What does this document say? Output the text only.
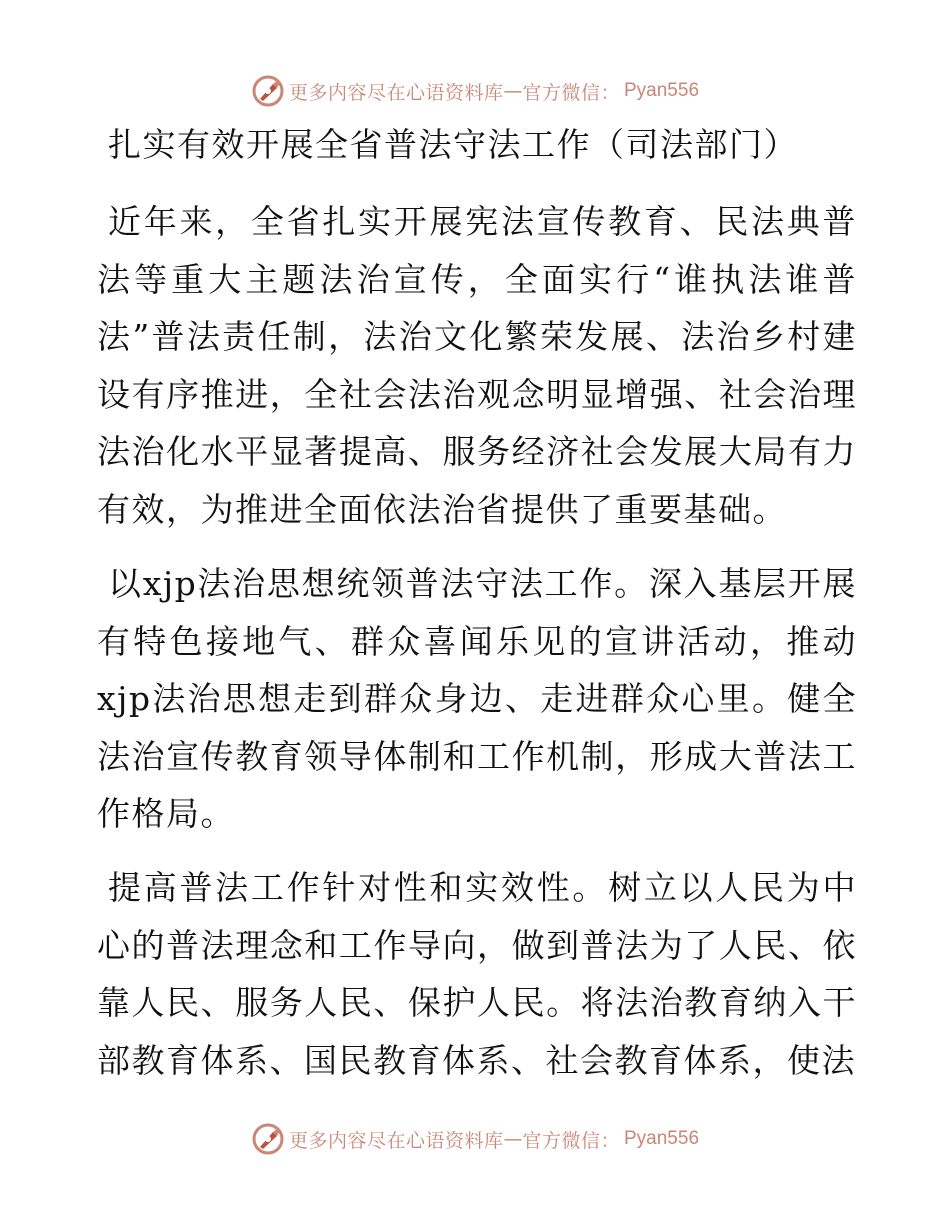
更多内容尽在心语资料库 — 官方微信： Pyan556
扎实有效开展全省普法守法工作（司法部门）

近年来，全省扎实开展宪法宣传教育、民法典普法等重大主题法治宣传，全面实行“谁执法谁普法”普法责任制，法治文化繁荣发展、法治乡村建设有序推进，全社会法治观念明显增强、社会治理法治化水平显著提高、服务经济社会发展大局有力有效，为推进全面依法治省提供了重要基础。

以xjp法治思想统领普法守法工作。深入基层开展有特色接地气、群众喜闻乐见的宣讲活动，推动xjp法治思想走到群众身边、走进群众心里。健全法治宣传教育领导体制和工作机制，形成大普法工作格局。

提高普法工作针对性和实效性。树立以人民为中心的普法理念和工作导向，做到普法为了人民、依靠人民、服务人民、保护人民。将法治教育纳入干部教育体系、国民教育体系、社会教育体系，使法

更多内容尽在心语资料库 — 官方微信： Pyan556
